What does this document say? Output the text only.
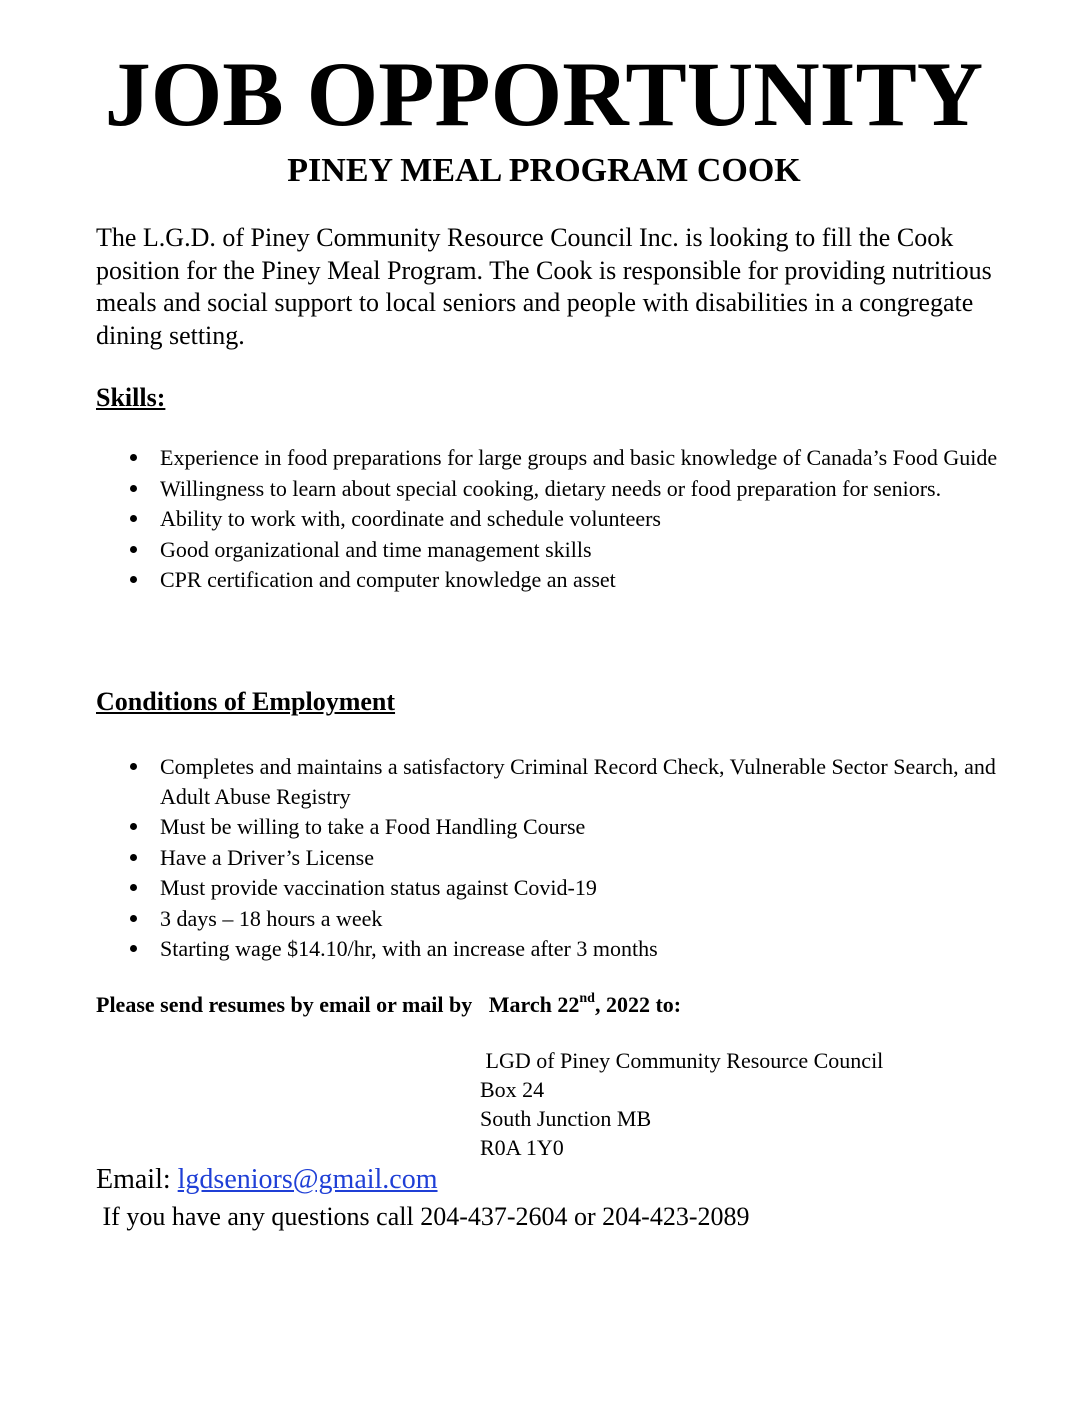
JOB OPPORTUNITY
PINEY MEAL PROGRAM COOK

The L.G.D. of Piney Community Resource Council Inc. is looking to fill the Cook position for the Piney Meal Program. The Cook is responsible for providing nutritious meals and social support to local seniors and people with disabilities in a congregate dining setting.

Skills:
Experience in food preparations for large groups and basic knowledge of Canada’s Food Guide
Willingness to learn about special cooking, dietary needs or food preparation for seniors.
Ability to work with, coordinate and schedule volunteers
Good organizational and time management skills
CPR certification and computer knowledge an asset
Conditions of Employment
Completes and maintains a satisfactory Criminal Record Check, Vulnerable Sector Search, and Adult Abuse Registry
Must be willing to take a Food Handling Course
Have a Driver’s License
Must provide vaccination status against Covid-19
3 days – 18 hours a week
Starting wage $14.10/hr, with an increase after 3 months

Please send resumes by email or mail by   March 22nd, 2022 to:

LGD of Piney Community Resource Council
Box 24
South Junction MB
R0A 1Y0

Email: lgdseniors@gmail.com

If you have any questions call 204-437-2604 or 204-423-2089
